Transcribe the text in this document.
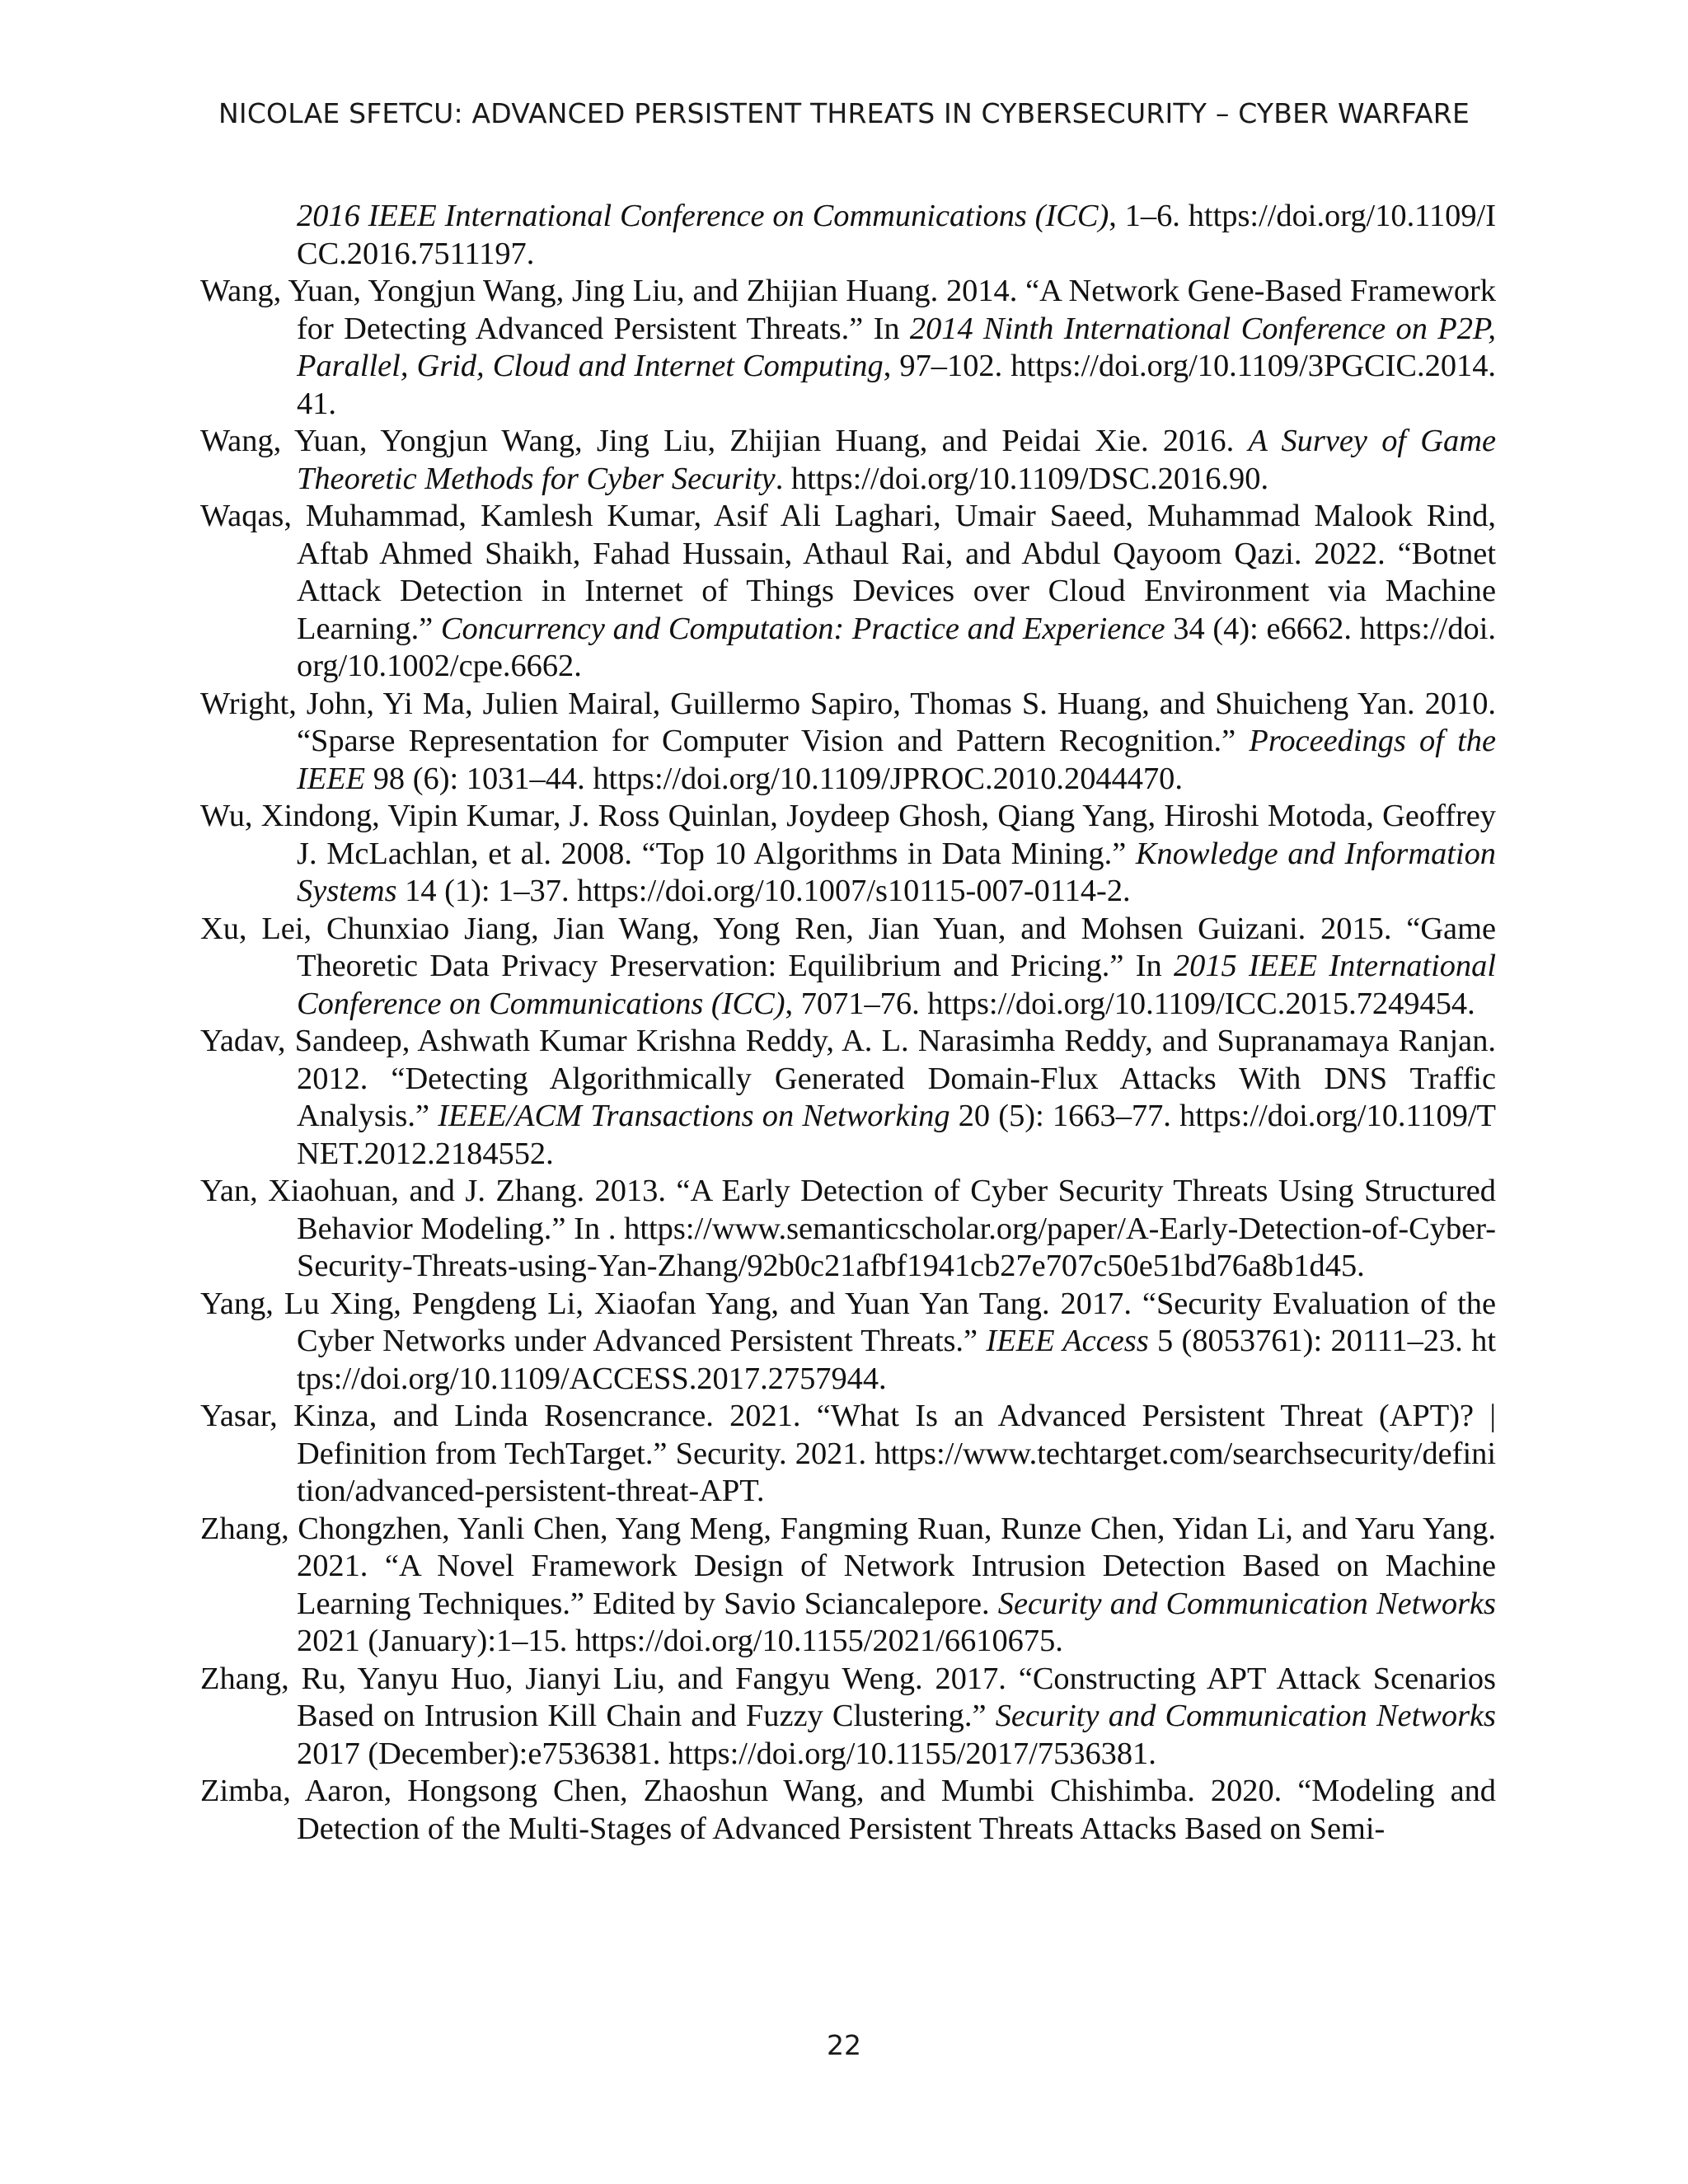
NICOLAE SFETCU: ADVANCED PERSISTENT THREATS IN CYBERSECURITY – CYBER WARFARE

2016 IEEE International Conference on Communications (ICC), 1–6. https://doi.org/10.1109/ICC.2016.7511197.

Wang, Yuan, Yongjun Wang, Jing Liu, and Zhijian Huang. 2014. “A Network Gene-Based Framework for Detecting Advanced Persistent Threats.” In 2014 Ninth International Conference on P2P, Parallel, Grid, Cloud and Internet Computing, 97–102. https://doi.org/10.1109/3PGCIC.2014.41.

Wang, Yuan, Yongjun Wang, Jing Liu, Zhijian Huang, and Peidai Xie. 2016. A Survey of Game Theoretic Methods for Cyber Security. https://doi.org/10.1109/DSC.2016.90.

Waqas, Muhammad, Kamlesh Kumar, Asif Ali Laghari, Umair Saeed, Muhammad Malook Rind, Aftab Ahmed Shaikh, Fahad Hussain, Athaul Rai, and Abdul Qayoom Qazi. 2022. “Botnet Attack Detection in Internet of Things Devices over Cloud Environment via Machine Learning.” Concurrency and Computation: Practice and Experience 34 (4): e6662. https://doi.org/10.1002/cpe.6662.

Wright, John, Yi Ma, Julien Mairal, Guillermo Sapiro, Thomas S. Huang, and Shuicheng Yan. 2010. “Sparse Representation for Computer Vision and Pattern Recognition.” Proceedings of the IEEE 98 (6): 1031–44. https://doi.org/10.1109/JPROC.2010.2044470.

Wu, Xindong, Vipin Kumar, J. Ross Quinlan, Joydeep Ghosh, Qiang Yang, Hiroshi Motoda, Geoffrey J. McLachlan, et al. 2008. “Top 10 Algorithms in Data Mining.” Knowledge and Information Systems 14 (1): 1–37. https://doi.org/10.1007/s10115-007-0114-2.

Xu, Lei, Chunxiao Jiang, Jian Wang, Yong Ren, Jian Yuan, and Mohsen Guizani. 2015. “Game Theoretic Data Privacy Preservation: Equilibrium and Pricing.” In 2015 IEEE International Conference on Communications (ICC), 7071–76. https://doi.org/10.1109/ICC.2015.7249454.

Yadav, Sandeep, Ashwath Kumar Krishna Reddy, A. L. Narasimha Reddy, and Supranamaya Ranjan. 2012. “Detecting Algorithmically Generated Domain-Flux Attacks With DNS Traffic Analysis.” IEEE/ACM Transactions on Networking 20 (5): 1663–77. https://doi.org/10.1109/TNET.2012.2184552.

Yan, Xiaohuan, and J. Zhang. 2013. “A Early Detection of Cyber Security Threats Using Structured Behavior Modeling.” In . https://www.semanticscholar.org/paper/A-Early-Detection-of-Cyber-Security-Threats-using-Yan-Zhang/92b0c21afbf1941cb27e707c50e51bd76a8b1d45.

Yang, Lu Xing, Pengdeng Li, Xiaofan Yang, and Yuan Yan Tang. 2017. “Security Evaluation of the Cyber Networks under Advanced Persistent Threats.” IEEE Access 5 (8053761): 20111–23. https://doi.org/10.1109/ACCESS.2017.2757944.

Yasar, Kinza, and Linda Rosencrance. 2021. “What Is an Advanced Persistent Threat (APT)? | Definition from TechTarget.” Security. 2021. https://www.techtarget.com/searchsecurity/definition/advanced-persistent-threat-APT.

Zhang, Chongzhen, Yanli Chen, Yang Meng, Fangming Ruan, Runze Chen, Yidan Li, and Yaru Yang. 2021. “A Novel Framework Design of Network Intrusion Detection Based on Machine Learning Techniques.” Edited by Savio Sciancalepore. Security and Communication Networks 2021 (January):1–15. https://doi.org/10.1155/2021/6610675.

Zhang, Ru, Yanyu Huo, Jianyi Liu, and Fangyu Weng. 2017. “Constructing APT Attack Scenarios Based on Intrusion Kill Chain and Fuzzy Clustering.” Security and Communication Networks 2017 (December):e7536381. https://doi.org/10.1155/2017/7536381.

Zimba, Aaron, Hongsong Chen, Zhaoshun Wang, and Mumbi Chishimba. 2020. “Modeling and Detection of the Multi-Stages of Advanced Persistent Threats Attacks Based on Semi-

22
